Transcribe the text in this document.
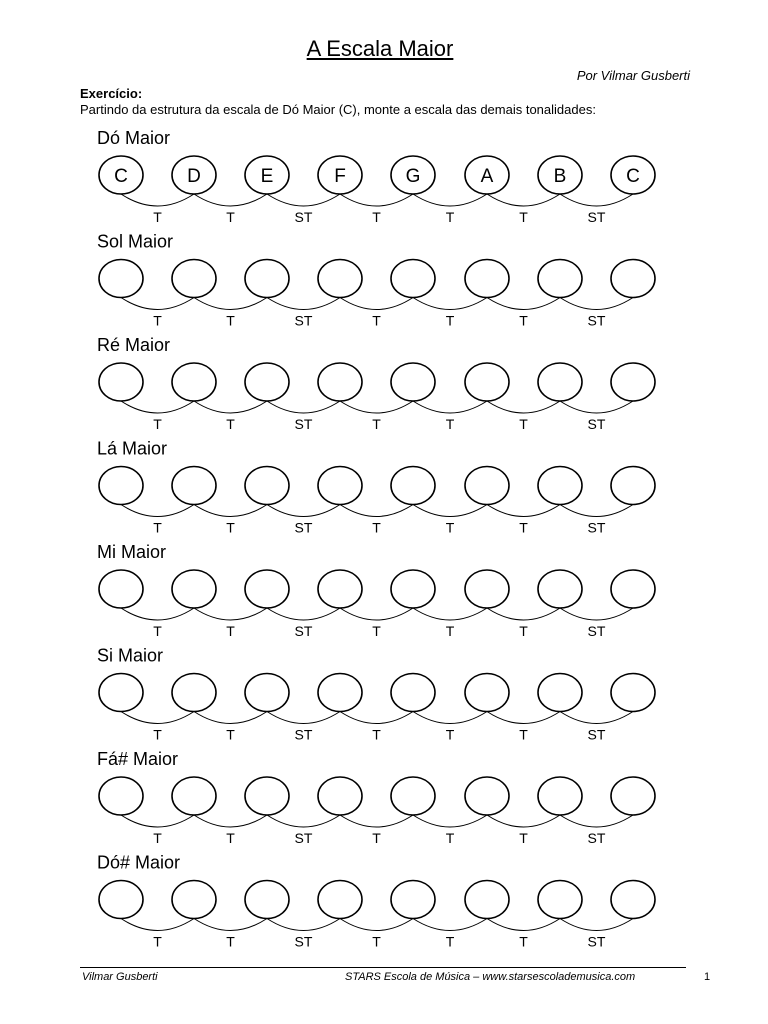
A Escala Maior
Por Vilmar Gusberti
Exercício:
Partindo da estrutura da escala de Dó Maior (C), monte a escala das demais tonalidades:
Dó Maior
C	D	E	F	G	A	B	C
T	T	ST	T	T	T	ST
Sol Maior
T	T	ST	T	T	T	ST
Ré Maior
T	T	ST	T	T	T	ST
Lá Maior
T	T	ST	T	T	T	ST
Mi Maior
T	T	ST	T	T	T	ST
Si Maior
T	T	ST	T	T	T	ST
Fá# Maior
T	T	ST	T	T	T	ST
Dó# Maior
T	T	ST	T	T	T	ST
Vilmar Gusberti	STARS Escola de Música – www.starsescolademusica.com	1
